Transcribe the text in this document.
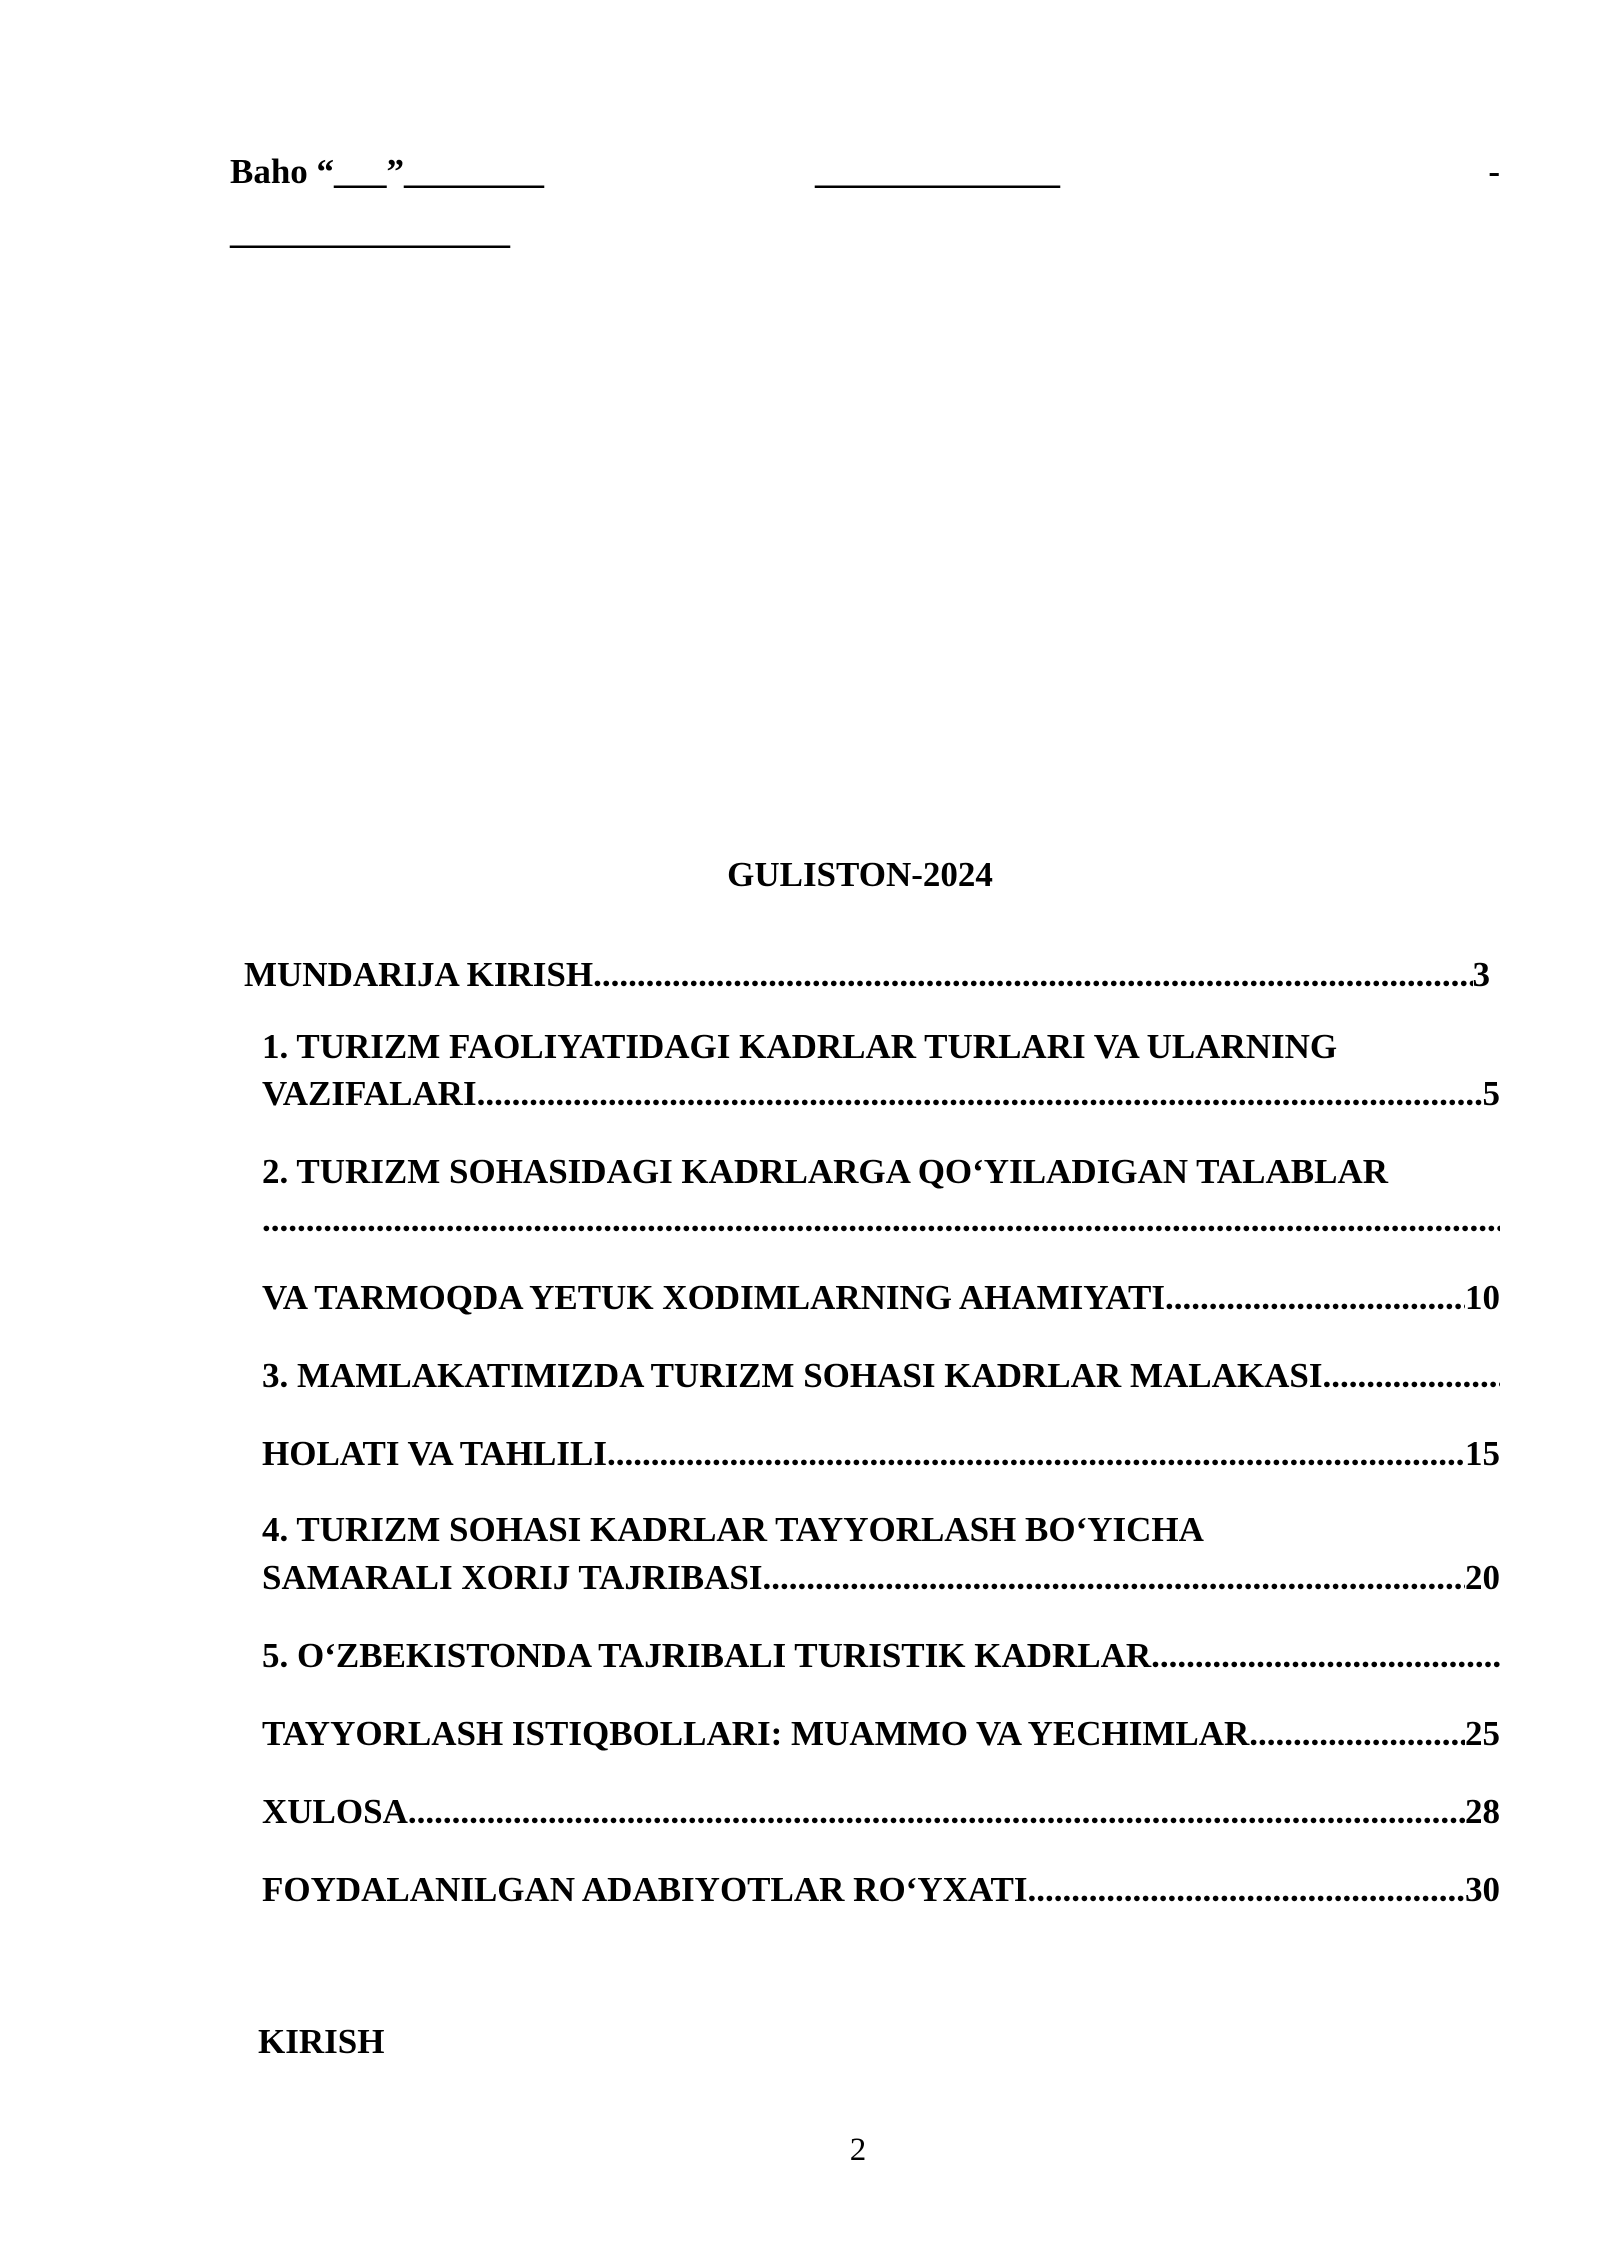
Baho “___”________	______________	-
________________
GULISTON-2024
MUNDARIJA KIRISH .....	3
1. TURIZM FAOLIYATIDAGI KADRLAR TURLARI VA ULARNING
VAZIFALARI .....	5
2. TURIZM SOHASIDAGI KADRLARGA QO‘YILADIGAN TALABLAR
.....
VA TARMOQDA YETUK XODIMLARNING AHAMIYATI .....	10
3. MAMLAKATIMIZDA TURIZM SOHASI KADRLAR MALAKASI
.....
HOLATI VA TAHLILI .....	15
4. TURIZM SOHASI KADRLAR TAYYORLASH BO‘YICHA
SAMARALI XORIJ TAJRIBASI .....	20
5. O‘ZBEKISTONDA TAJRIBALI TURISTIK KADRLAR
.....
TAYYORLASH ISTIQBOLLARI: MUAMMO VA YECHIMLAR .....	25
XULOSA .....	28
FOYDALANILGAN ADABIYOTLAR RO‘YXATI .....	30
KIRISH
2
